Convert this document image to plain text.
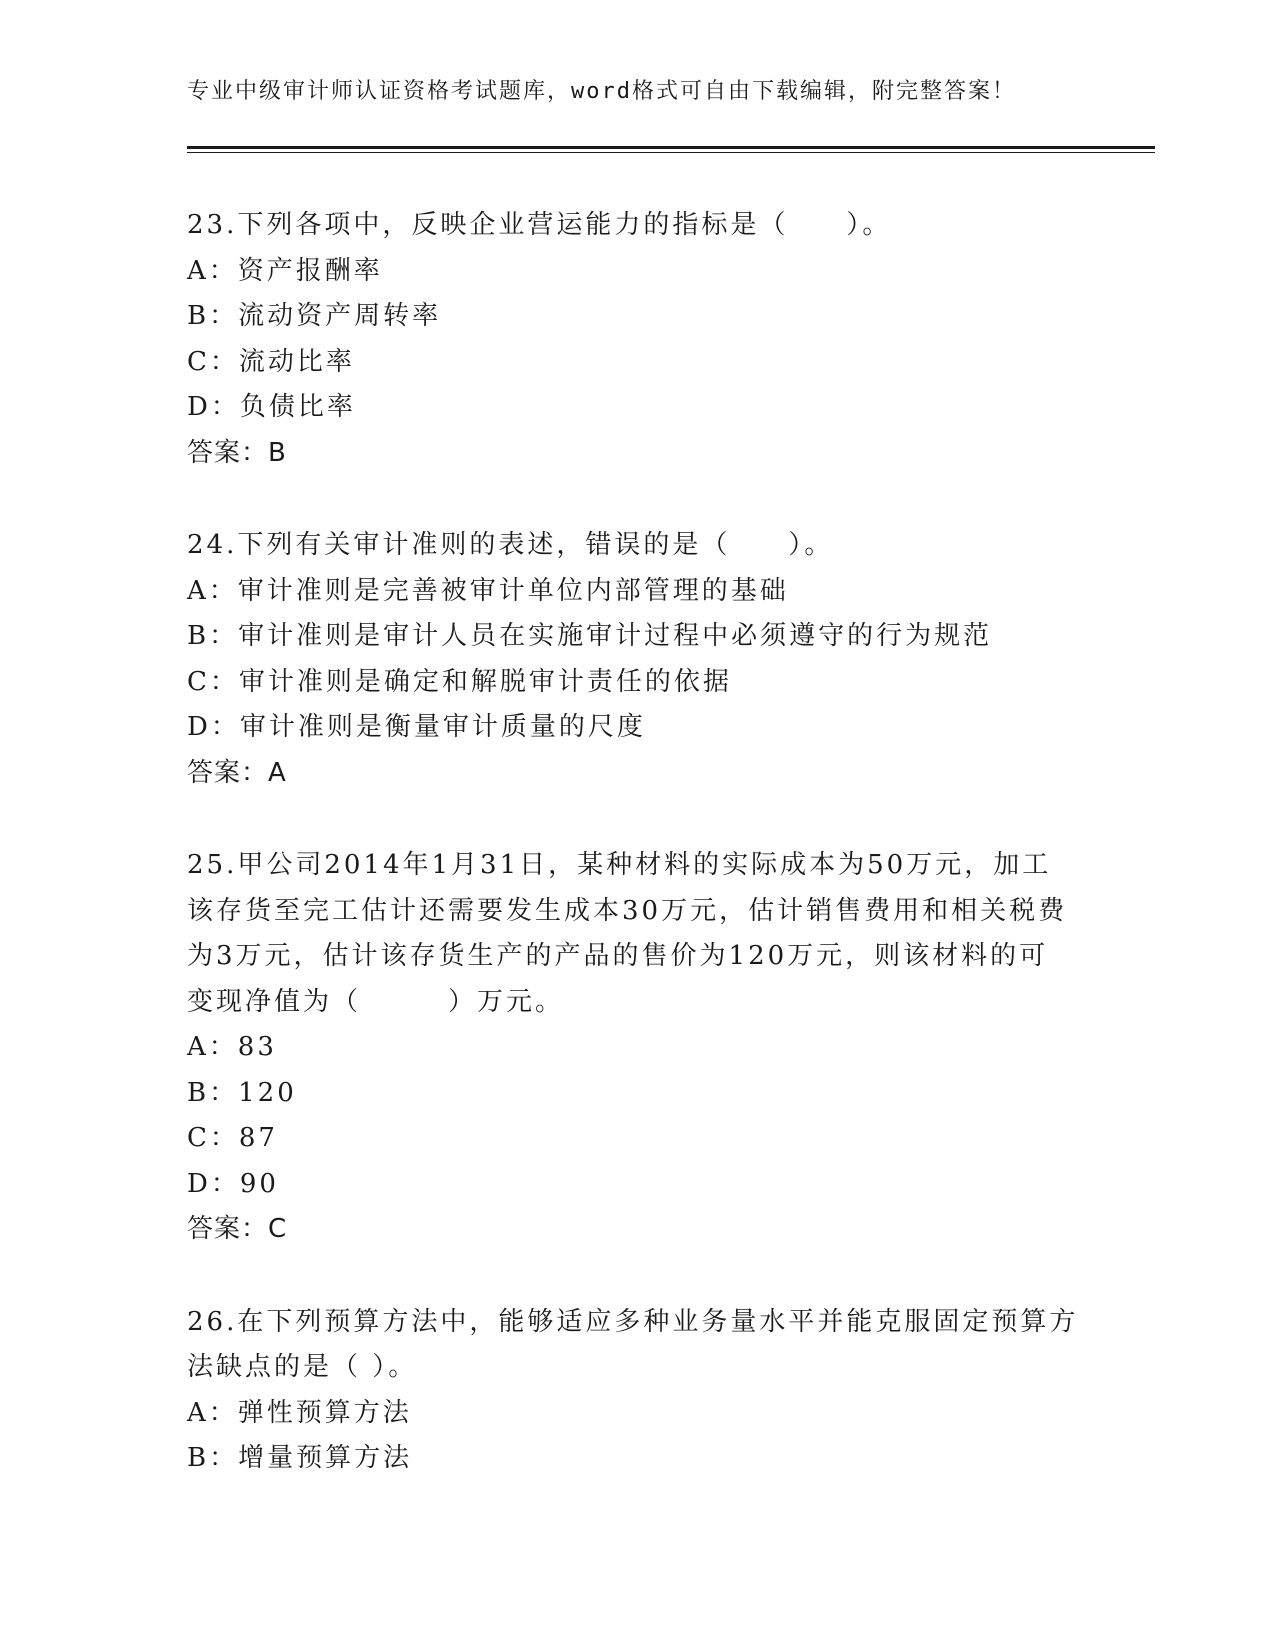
专业中级审计师认证资格考试题库，word格式可自由下载编辑，附完整答案！
23.下列各项中，反映企业营运能力的指标是（　　）。
A：资产报酬率
B：流动资产周转率
C：流动比率
D：负债比率
答案：B
24.下列有关审计准则的表述，错误的是（　　）。
A：审计准则是完善被审计单位内部管理的基础
B：审计准则是审计人员在实施审计过程中必须遵守的行为规范
C：审计准则是确定和解脱审计责任的依据
D：审计准则是衡量审计质量的尺度
答案：A
25.甲公司2014年1月31日，某种材料的实际成本为50万元，加工
该存货至完工估计还需要发生成本30万元，估计销售费用和相关税费
为3万元，估计该存货生产的产品的售价为120万元，则该材料的可
变现净值为（　　　）万元。
A：83
B：120
C：87
D：90
答案：C
26.在下列预算方法中，能够适应多种业务量水平并能克服固定预算方
法缺点的是（ ）。
A：弹性预算方法
B：增量预算方法
